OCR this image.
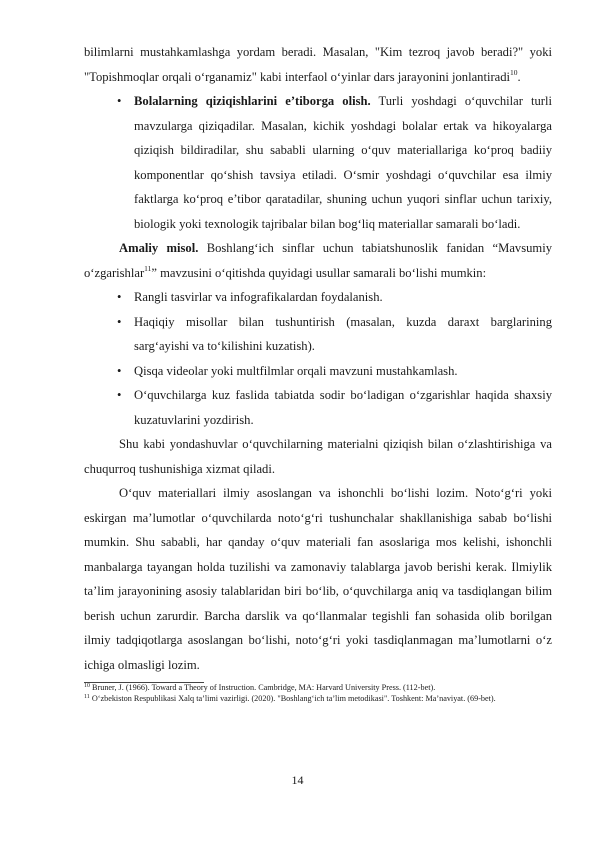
bilimlarni mustahkamlashga yordam beradi. Masalan, "Kim tezroq javob beradi?" yoki "Topishmoqlar orqali o‘rganamiz" kabi interfaol o‘yinlar dars jarayonini jonlantiradi$^{10}$.

• Bolalarning qiziqishlarini e’tiborga olish. Turli yoshdagi o‘quvchilar turli mavzularga qiziqadilar. Masalan, kichik yoshdagi bolalar ertak va hikoyalarga qiziqish bildiradilar, shu sababli ularning o‘quv materiallariga ko‘proq badiiy komponentlar qo‘shish tavsiya etiladi. O‘smir yoshdagi o‘quvchilar esa ilmiy faktlarga ko‘proq e’tibor qaratadilar, shuning uchun yuqori sinflar uchun tarixiy, biologik yoki texnologik tajribalar bilan bog‘liq materiallar samarali bo‘ladi.

Amaliy misol. Boshlang‘ich sinflar uchun tabiatshunoslik fanidan “Mavsumiy o‘zgarishlar$^{11}$” mavzusini o‘qitishda quyidagi usullar samarali bo‘lishi mumkin:

• Rangli tasvirlar va infografikalardan foydalanish.

• Haqiqiy misollar bilan tushuntirish (masalan, kuzda daraxt barglarining sarg‘ayishi va to‘kilishini kuzatish).

• Qisqa videolar yoki multfilmlar orqali mavzuni mustahkamlash.

• O‘quvchilarga kuz faslida tabiatda sodir bo‘ladigan o‘zgarishlar haqida shaxsiy kuzatuvlarini yozdirish.

Shu kabi yondashuvlar o‘quvchilarning materialni qiziqish bilan o‘zlashtirishiga va chuqurroq tushunishiga xizmat qiladi.

O‘quv materiallari ilmiy asoslangan va ishonchli bo‘lishi lozim. Noto‘g‘ri yoki eskirgan ma’lumotlar o‘quvchilarda noto‘g‘ri tushunchalar shakllanishiga sabab bo‘lishi mumkin. Shu sababli, har qanday o‘quv materiali fan asoslariga mos kelishi, ishonchli manbalarga tayangan holda tuzilishi va zamonaviy talablarga javob berishi kerak. Ilmiylik ta’lim jarayonining asosiy talablaridan biri bo‘lib, o‘quvchilarga aniq va tasdiqlangan bilim berish uchun zarurdir. Barcha darslik va qo‘llanmalar tegishli fan sohasida olib borilgan ilmiy tadqiqotlarga asoslangan bo‘lishi, noto‘g‘ri yoki tasdiqlanmagan ma’lumotlarni o‘z ichiga olmasligi lozim.

$^{10}$ Bruner, J. (1966). Toward a Theory of Instruction. Cambridge, MA: Harvard University Press. (112-bet).

$^{11}$ O‘zbekiston Respublikasi Xalq ta’limi vazirligi. (2020). "Boshlang‘ich ta’lim metodikasi". Toshkent: Ma’naviyat. (69-bet).

14
